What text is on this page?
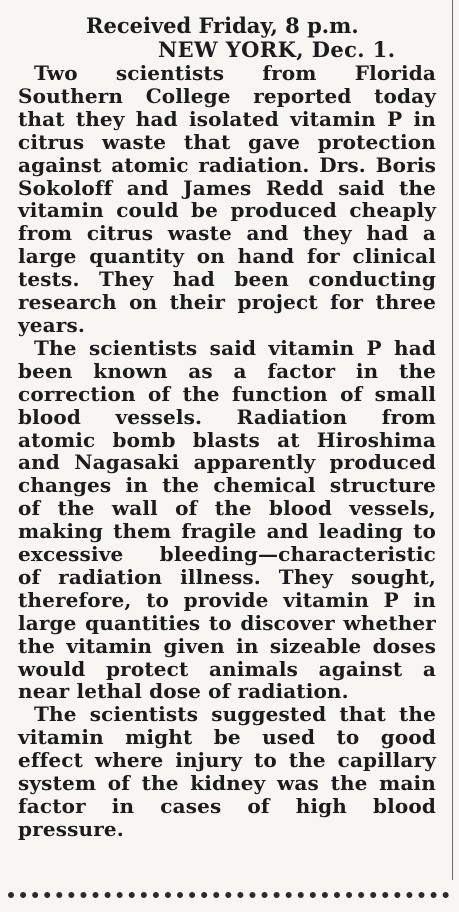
Received Friday, 8 p.m.
NEW YORK, Dec. 1.

Two scientists from Florida Southern College reported today that they had isolated vitamin P in citrus waste that gave protection against atomic radiation. Drs. Boris Sokoloff and James Redd said the vitamin could be produced cheaply from citrus waste and they had a large quantity on hand for clinical tests. They had been conducting research on their project for three years.

The scientists said vitamin P had been known as a factor in the correction of the function of small blood vessels. Radiation from atomic bomb blasts at Hiroshima and Nagasaki apparently produced changes in the chemical structure of the wall of the blood vessels, making them fragile and leading to excessive bleeding—characteristic of radiation illness. They sought, therefore, to provide vitamin P in large quantities to discover whether the vitamin given in sizeable doses would protect animals against a near lethal dose of radiation.

The scientists suggested that the vitamin might be used to good effect where injury to the capillary system of the kidney was the main factor in cases of high blood pressure.
